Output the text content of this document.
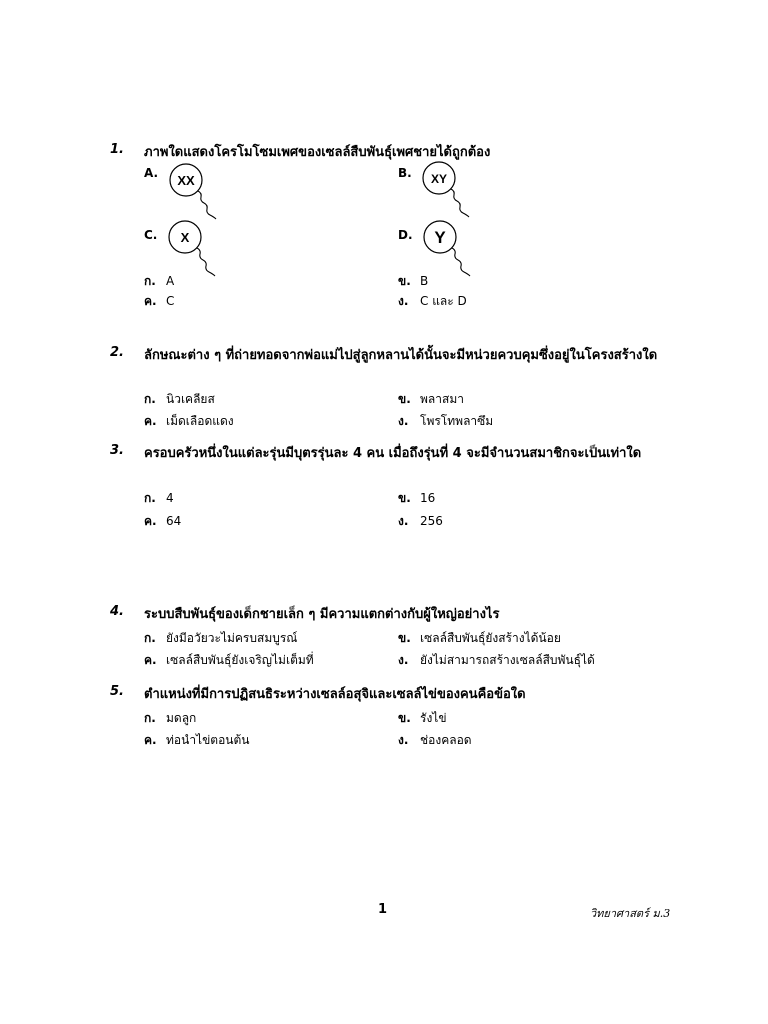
1. ภาพใดแสดงโครโมโซมเพศของเซลล์สืบพันธุ์เพศชายได้ถูกต้อง
A. XX	B. XY
C. X	D. Y
ก. A	ข. B
ค. C	ง. C และ D
2. ลักษณะต่าง ๆ ที่ถ่ายทอดจากพ่อแม่ไปสู่ลูกหลานได้นั้นจะมีหน่วยควบคุมซึ่งอยู่ในโครงสร้างใด
ก. นิวเคลียส	ข. พลาสมา
ค. เม็ดเลือดแดง	ง. โพรโทพลาซึม
3. ครอบครัวหนึ่งในแต่ละรุ่นมีบุตรรุ่นละ 4 คน เมื่อถึงรุ่นที่ 4 จะมีจำนวนสมาชิกจะเป็นเท่าใด
ก. 4	ข. 16
ค. 64	ง. 256
4. ระบบสืบพันธุ์ของเด็กชายเล็ก ๆ มีความแตกต่างกับผู้ใหญ่อย่างไร
ก. ยังมีอวัยวะไม่ครบสมบูรณ์	ข. เซลล์สืบพันธุ์ยังสร้างได้น้อย
ค. เซลล์สืบพันธุ์ยังเจริญไม่เต็มที่	ง. ยังไม่สามารถสร้างเซลล์สืบพันธุ์ได้
5. ตำแหน่งที่มีการปฏิสนธิระหว่างเซลล์อสุจิและเซลล์ไข่ของคนคือข้อใด
ก. มดลูก	ข. รังไข่
ค. ท่อนำไข่ตอนต้น	ง. ช่องคลอด
1	วิทยาศาสตร์ ม.3
